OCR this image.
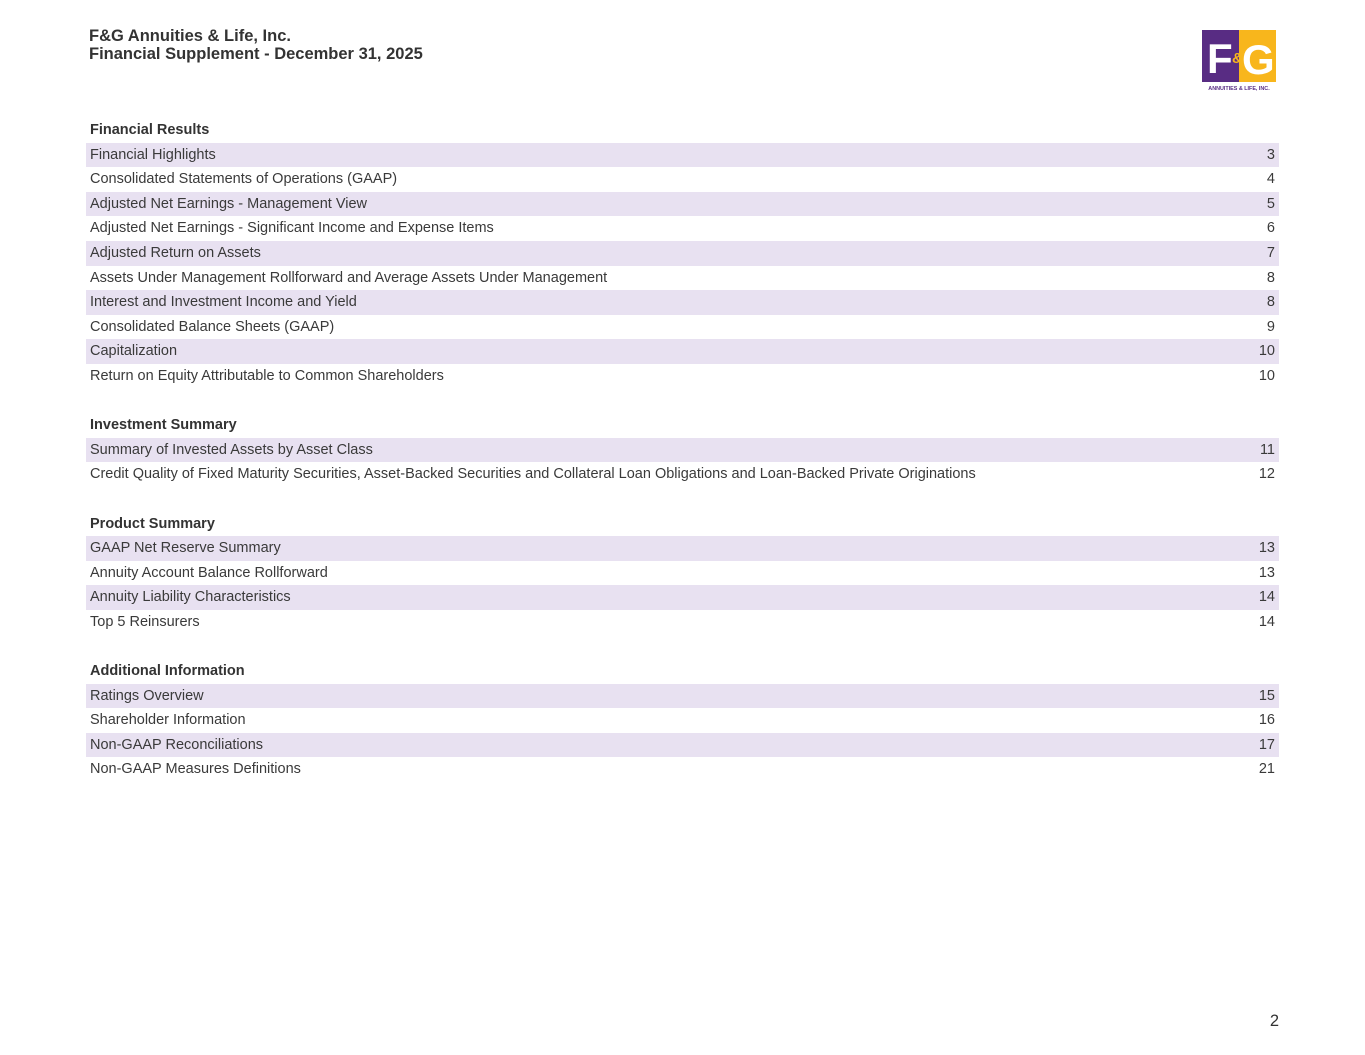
F&G Annuities & Life, Inc.
Financial Supplement - December 31, 2025	F & G
ANNUITIES & LIFE, INC.
Financial Results
Financial Highlights	3
Consolidated Statements of Operations (GAAP)	4
Adjusted Net Earnings - Management View	5
Adjusted Net Earnings - Significant Income and Expense Items	6
Adjusted Return on Assets	7
Assets Under Management Rollforward and Average Assets Under Management	8
Interest and Investment Income and Yield	8
Consolidated Balance Sheets (GAAP)	9
Capitalization	10
Return on Equity Attributable to Common Shareholders	10
Investment Summary
Summary of Invested Assets by Asset Class	11
Credit Quality of Fixed Maturity Securities, Asset-Backed Securities and Collateral Loan Obligations and Loan-Backed Private Originations	12
Product Summary
GAAP Net Reserve Summary	13
Annuity Account Balance Rollforward	13
Annuity Liability Characteristics	14
Top 5 Reinsurers	14
Additional Information
Ratings Overview	15
Shareholder Information	16
Non-GAAP Reconciliations	17
Non-GAAP Measures Definitions	21
2
